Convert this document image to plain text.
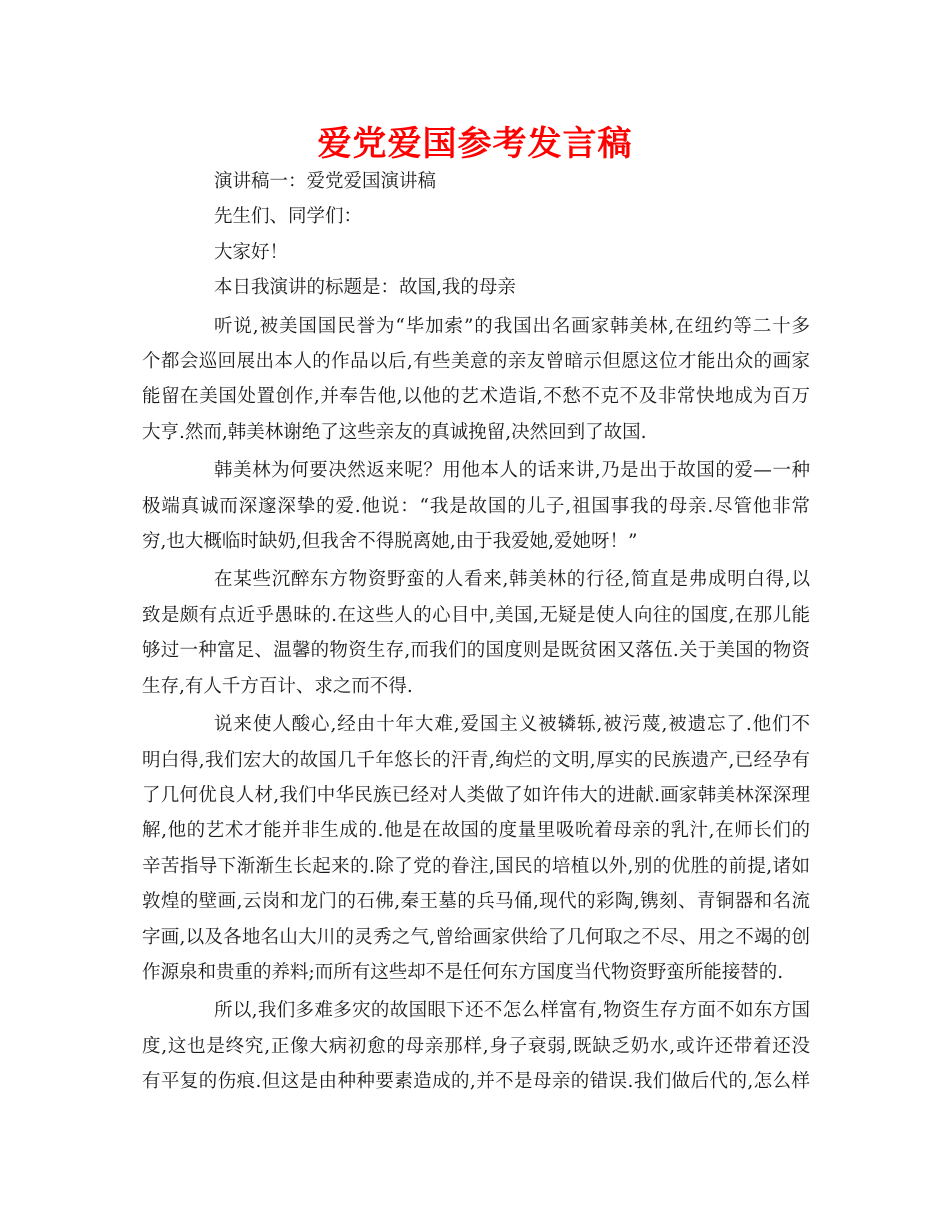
爱党爱国参考发言稿
演讲稿一：爱党爱国演讲稿
先生们、同学们：
大家好！
本日我演讲的标题是：故国,我的母亲
听说,被美国国民誉为“毕加索”的我国出名画家韩美林,在纽约等二十多
个都会巡回展出本人的作品以后,有些美意的亲友曾暗示但愿这位才能出众的画家
能留在美国处置创作,并奉告他,以他的艺术造诣,不愁不克不及非常快地成为百万
大亨.然而,韩美林谢绝了这些亲友的真诚挽留,决然回到了故国.
韩美林为何要决然返来呢？用他本人的话来讲,乃是出于故国的爱—一种
极端真诚而深邃深挚的爱.他说：“我是故国的儿子,祖国事我的母亲.尽管他非常
穷,也大概临时缺奶,但我舍不得脱离她,由于我爱她,爱她呀！”
在某些沉醉东方物资野蛮的人看来,韩美林的行径,简直是弗成明白得,以
致是颇有点近乎愚昧的.在这些人的心目中,美国,无疑是使人向往的国度,在那儿能
够过一种富足、温馨的物资生存,而我们的国度则是既贫困又落伍.关于美国的物资
生存,有人千方百计、求之而不得.
说来使人酸心,经由十年大难,爱国主义被辚轹,被污蔑,被遗忘了.他们不
明白得,我们宏大的故国几千年悠长的汗青,绚烂的文明,厚实的民族遗产,已经孕有
了几何优良人材,我们中华民族已经对人类做了如许伟大的进献.画家韩美林深深理
解,他的艺术才能并非生成的.他是在故国的度量里吸吮着母亲的乳汁,在师长们的
辛苦指导下渐渐生长起来的.除了党的眷注,国民的培植以外,别的优胜的前提,诸如
敦煌的壁画,云岗和龙门的石佛,秦王墓的兵马俑,现代的彩陶,镌刻、青铜器和名流
字画,以及各地名山大川的灵秀之气,曾给画家供给了几何取之不尽、用之不竭的创
作源泉和贵重的养料;而所有这些却不是任何东方国度当代物资野蛮所能接替的.
所以,我们多难多灾的故国眼下还不怎么样富有,物资生存方面不如东方国
度,这也是终究,正像大病初愈的母亲那样,身子衰弱,既缺乏奶水,或许还带着还没
有平复的伤痕.但这是由种种要素造成的,并不是母亲的错误.我们做后代的,怎么样
